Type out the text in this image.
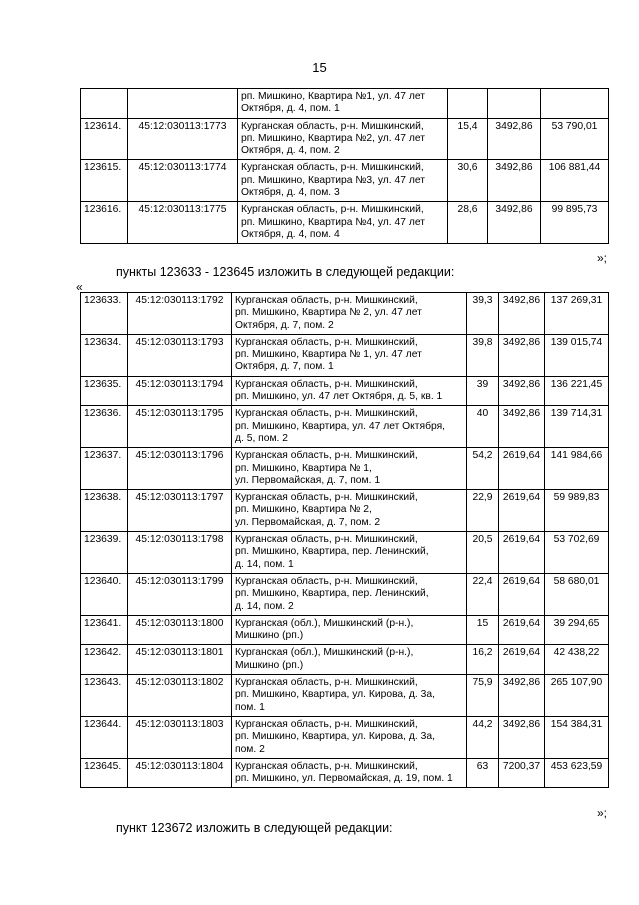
15

		рп. Мишкино, Квартира №1, ул. 47 лет
Октября, д. 4, пом. 1			

123614.	45:12:030113:1773	Курганская область, р-н. Мишкинский,
рп. Мишкино, Квартира №2, ул. 47 лет
Октября, д. 4, пом. 2	15,4	3492,86	53 790,01
123615.	45:12:030113:1774	Курганская область, р-н. Мишкинский,
рп. Мишкино, Квартира №3, ул. 47 лет
Октября, д. 4, пом. 3	30,6	3492,86	106 881,44
123616.	45:12:030113:1775	Курганская область, р-н. Мишкинский,
рп. Мишкино, Квартира №4, ул. 47 лет
Октября, д. 4, пом. 4	28,6	3492,86	99 895,73
»;
пункты 123633 - 123645 изложить в следующей редакции:
«
123633.	45:12:030113:1792	Курганская область, р-н. Мишкинский,
рп. Мишкино, Квартира № 2, ул. 47 лет
Октября, д. 7, пом. 2	39,3	3492,86	137 269,31
123634.	45:12:030113:1793	Курганская область, р-н. Мишкинский,
рп. Мишкино, Квартира № 1, ул. 47 лет
Октября, д. 7, пом. 1	39,8	3492,86	139 015,74
123635.	45:12:030113:1794	Курганская область, р-н. Мишкинский,
рп. Мишкино, ул. 47 лет Октября, д. 5, кв. 1	39	3492,86	136 221,45
123636.	45:12:030113:1795	Курганская область, р-н. Мишкинский,
рп. Мишкино, Квартира, ул. 47 лет Октября,
д. 5, пом. 2	40	3492,86	139 714,31
123637.	45:12:030113:1796	Курганская область, р-н. Мишкинский,
рп. Мишкино, Квартира № 1,
ул. Первомайская, д. 7, пом. 1	54,2	2619,64	141 984,66
123638.	45:12:030113:1797	Курганская область, р-н. Мишкинский,
рп. Мишкино, Квартира № 2,
ул. Первомайская, д. 7, пом. 2	22,9	2619,64	59 989,83
123639.	45:12:030113:1798	Курганская область, р-н. Мишкинский,
рп. Мишкино, Квартира, пер. Ленинский,
д. 14, пом. 1	20,5	2619,64	53 702,69
123640.	45:12:030113:1799	Курганская область, р-н. Мишкинский,
рп. Мишкино, Квартира, пер. Ленинский,
д. 14, пом. 2	22,4	2619,64	58 680,01
123641.	45:12:030113:1800	Курганская (обл.), Мишкинский (р-н.),
Мишкино (рп.)	15	2619,64	39 294,65
123642.	45:12:030113:1801	Курганская (обл.), Мишкинский (р-н.),
Мишкино (рп.)	16,2	2619,64	42 438,22
123643.	45:12:030113:1802	Курганская область, р-н. Мишкинский,
рп. Мишкино, Квартира, ул. Кирова, д. 3а,
пом. 1	75,9	3492,86	265 107,90
123644.	45:12:030113:1803	Курганская область, р-н. Мишкинский,
рп. Мишкино, Квартира, ул. Кирова, д. 3а,
пом. 2	44,2	3492,86	154 384,31
123645.	45:12:030113:1804	Курганская область, р-н. Мишкинский,
рп. Мишкино, ул. Первомайская, д. 19, пом. 1	63	7200,37	453 623,59
»;
пункт 123672 изложить в следующей редакции:
